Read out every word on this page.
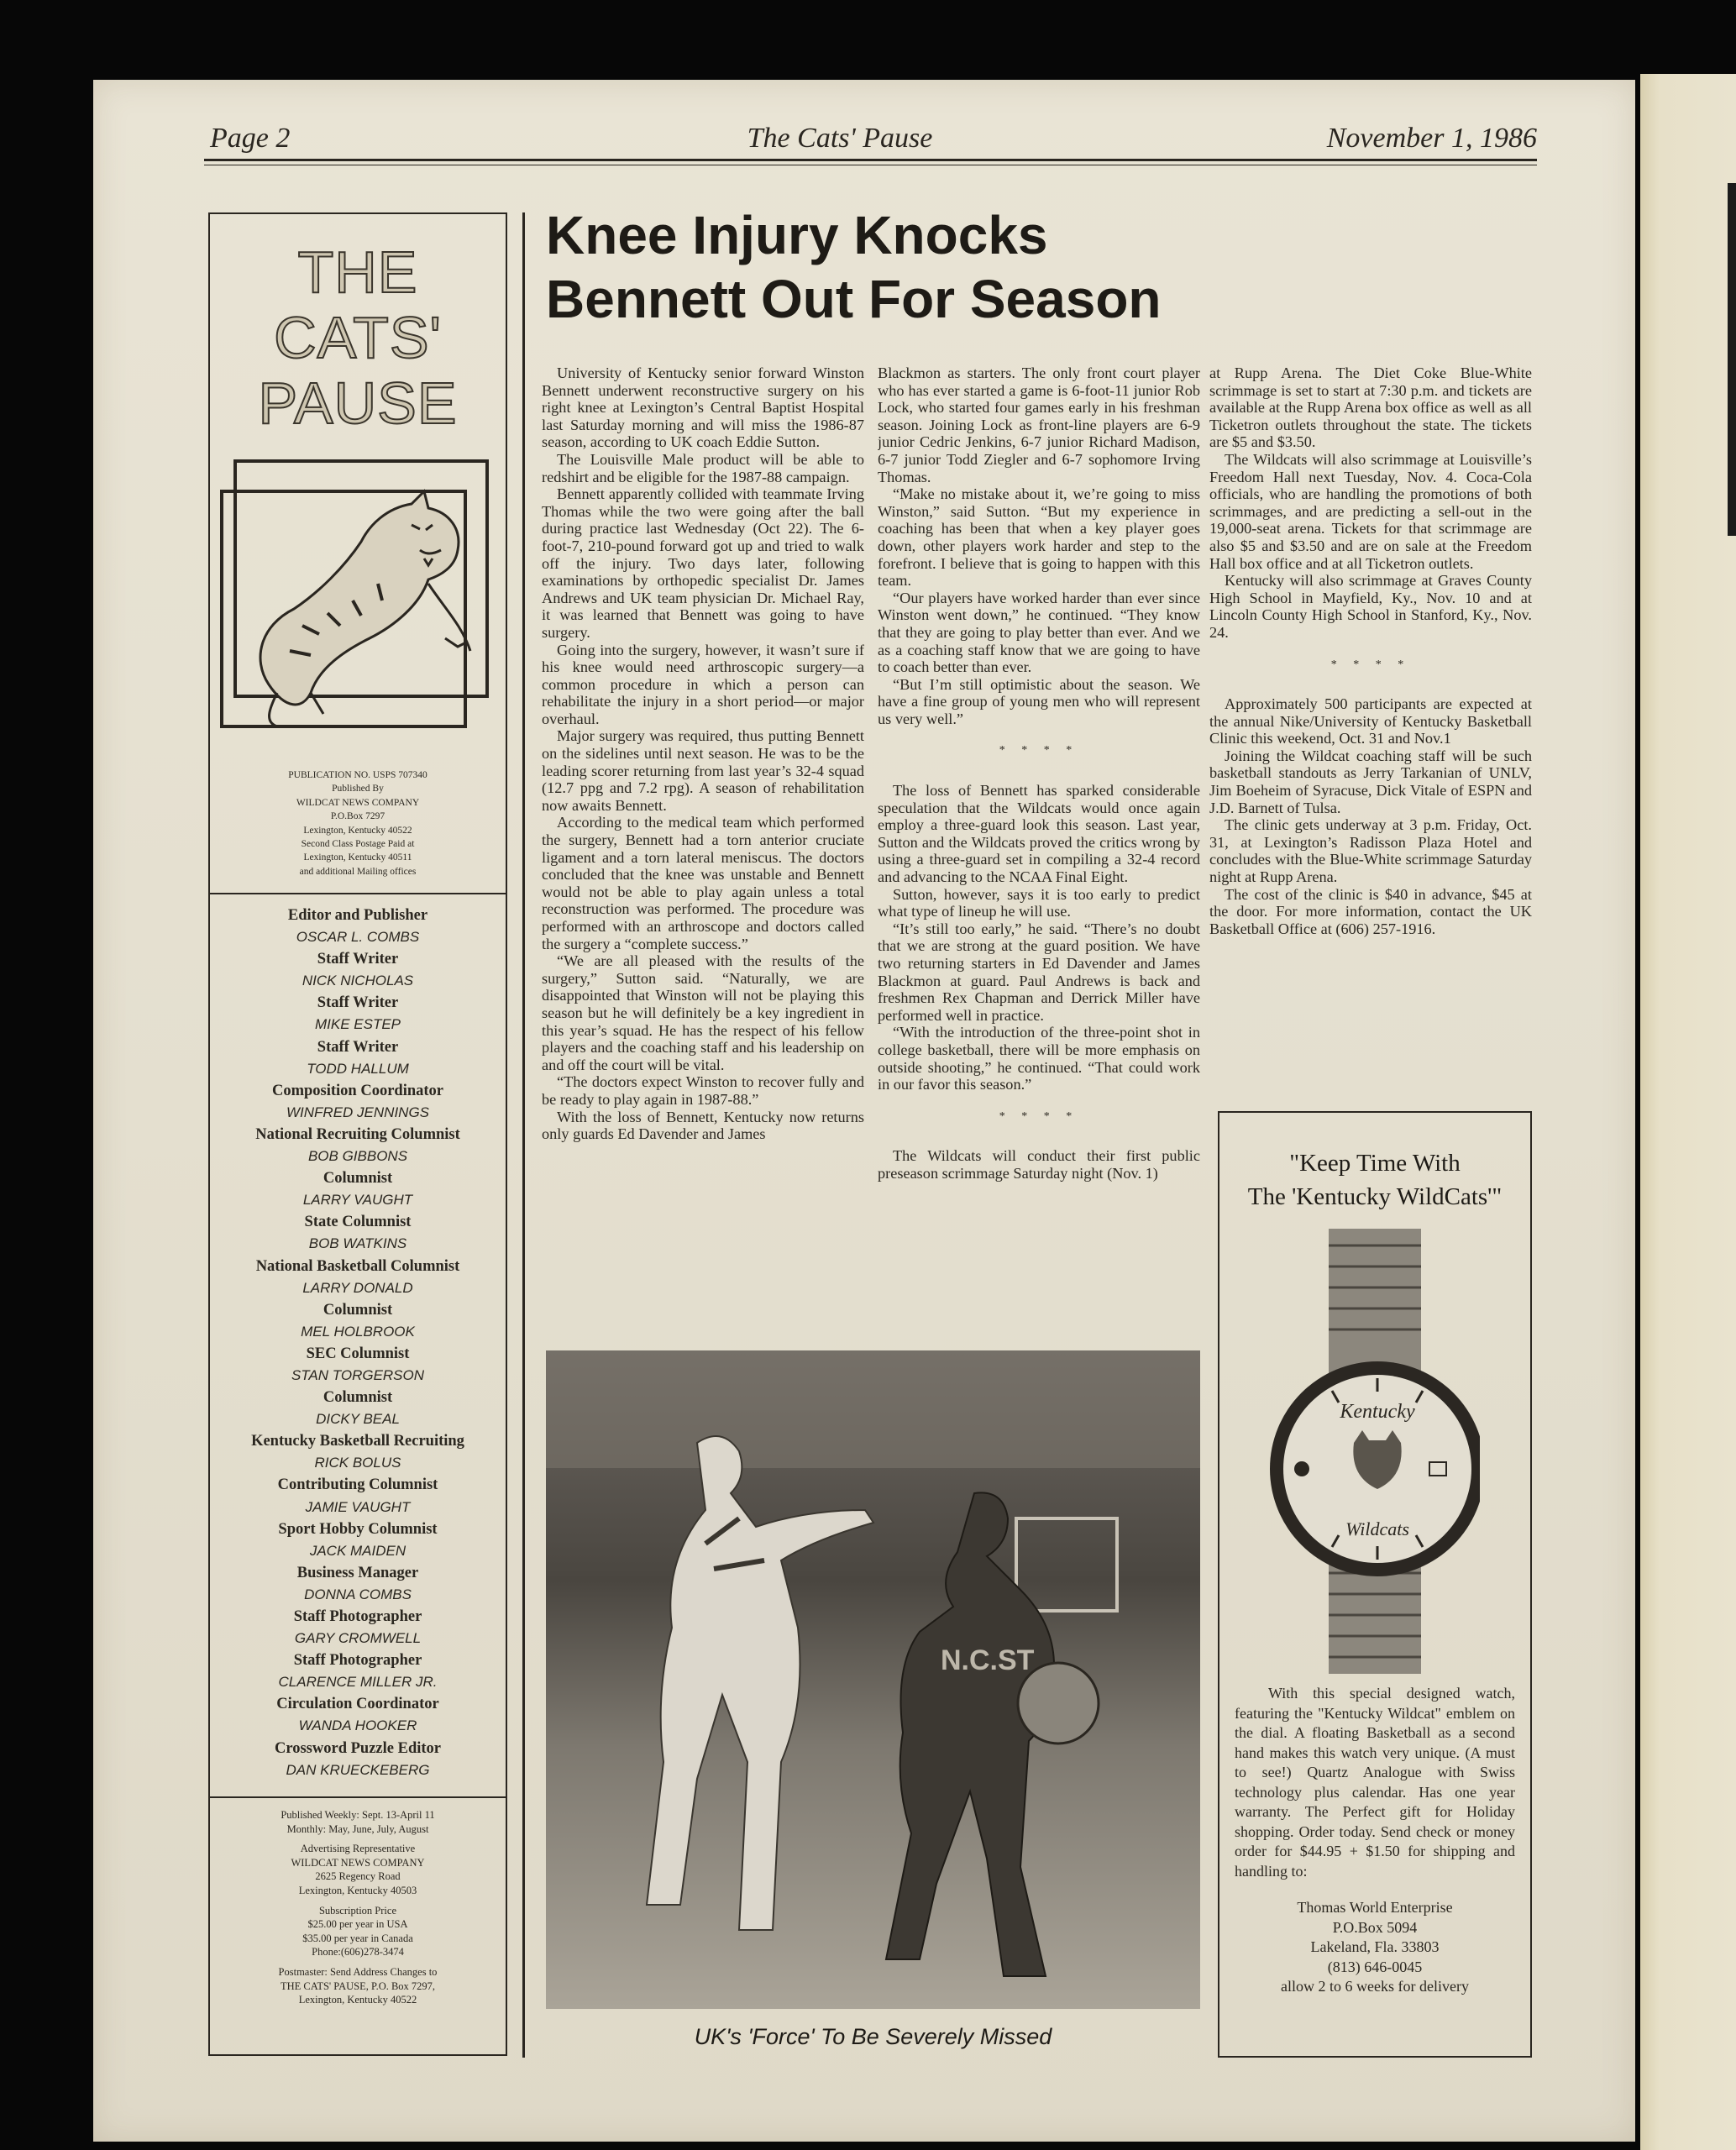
Page 2	The Cats' Pause	November 1, 1986
THE
CATS'
PAUSE
PUBLICATION NO. USPS 707340
Published By
WILDCAT NEWS COMPANY
P.O.Box 7297
Lexington, Kentucky 40522
Second Class Postage Paid at
Lexington, Kentucky 40511
and additional Mailing offices
Editor and Publisher
OSCAR L. COMBS
Staff Writer
NICK NICHOLAS
Staff Writer
MIKE ESTEP
Staff Writer
TODD HALLUM
Composition Coordinator
WINFRED JENNINGS
National Recruiting Columnist
BOB GIBBONS
Columnist
LARRY VAUGHT
State Columnist
BOB WATKINS
National Basketball Columnist
LARRY DONALD
Columnist
MEL HOLBROOK
SEC Columnist
STAN TORGERSON
Columnist
DICKY BEAL
Kentucky Basketball Recruiting
RICK BOLUS
Contributing Columnist
JAMIE VAUGHT
Sport Hobby Columnist
JACK MAIDEN
Business Manager
DONNA COMBS
Staff Photographer
GARY CROMWELL
Staff Photographer
CLARENCE MILLER JR.
Circulation Coordinator
WANDA HOOKER
Crossword Puzzle Editor
DAN KRUECKEBERG
Published Weekly: Sept. 13-April 11
Monthly: May, June, July, August
Advertising Representative
WILDCAT NEWS COMPANY
2625 Regency Road
Lexington, Kentucky 40503
Subscription Price
$25.00 per year in USA
$35.00 per year in Canada
Phone:(606)278-3474
Postmaster: Send Address Changes to
THE CATS' PAUSE, P.O. Box 7297,
Lexington, Kentucky 40522
Knee Injury Knocks
Bennett Out For Season

University of Kentucky senior forward Winston Bennett underwent reconstructive surgery on his right knee at Lexington’s Central Baptist Hospital last Saturday morning and will miss the 1986-87 season, according to UK coach Eddie Sutton.

The Louisville Male product will be able to redshirt and be eligible for the 1987-88 campaign.

Bennett apparently collided with teammate Irving Thomas while the two were going after the ball during practice last Wednesday (Oct 22). The 6-foot-7, 210-pound forward got up and tried to walk off the injury. Two days later, following examinations by orthopedic specialist Dr. James Andrews and UK team physician Dr. Michael Ray, it was learned that Bennett was going to have surgery.

Going into the surgery, however, it wasn’t sure if his knee would need arthroscopic surgery—a common procedure in which a person can rehabilitate the injury in a short period—or major overhaul.

Major surgery was required, thus putting Bennett on the sidelines until next season. He was to be the leading scorer returning from last year’s 32-4 squad (12.7 ppg and 7.2 rpg). A season of rehabilitation now awaits Bennett.

According to the medical team which performed the surgery, Bennett had a torn anterior cruciate ligament and a torn lateral meniscus. The doctors concluded that the knee was unstable and Bennett would not be able to play again unless a total reconstruction was performed. The procedure was performed with an arthroscope and doctors called the surgery a “complete success.”

“We are all pleased with the results of the surgery,” Sutton said. “Naturally, we are disappointed that Winston will not be playing this season but he will definitely be a key ingredient in this year’s squad. He has the respect of his fellow players and the coaching staff and his leadership on and off the court will be vital.

“The doctors expect Winston to recover fully and be ready to play again in 1987-88.”

With the loss of Bennett, Kentucky now returns only guards Ed Davender and James

Blackmon as starters. The only front court player who has ever started a game is 6-foot-11 junior Rob Lock, who started four games early in his freshman season. Joining Lock as front-line players are 6-9 junior Cedric Jenkins, 6-7 junior Richard Madison, 6-7 junior Todd Ziegler and 6-7 sophomore Irving Thomas.

“Make no mistake about it, we’re going to miss Winston,” said Sutton. “But my experience in coaching has been that when a key player goes down, other players work harder and step to the forefront. I believe that is going to happen with this team.

“Our players have worked harder than ever since Winston went down,” he continued. “They know that they are going to play better than ever. And we as a coaching staff know that we are going to have to coach better than ever.

“But I’m still optimistic about the season. We have a fine group of young men who will represent us very well.”

* * * *

The loss of Bennett has sparked considerable speculation that the Wildcats would once again employ a three-guard look this season. Last year, Sutton and the Wildcats proved the critics wrong by using a three-guard set in compiling a 32-4 record and advancing to the NCAA Final Eight.

Sutton, however, says it is too early to predict what type of lineup he will use.

“It’s still too early,” he said. “There’s no doubt that we are strong at the guard position. We have two returning starters in Ed Davender and James Blackmon at guard. Paul Andrews is back and freshmen Rex Chapman and Derrick Miller have performed well in practice.

“With the introduction of the three-point shot in college basketball, there will be more emphasis on outside shooting,” he continued. “That could work in our favor this season.”

* * * *

The Wildcats will conduct their first public preseason scrimmage Saturday night (Nov. 1)

at Rupp Arena. The Diet Coke Blue-White scrimmage is set to start at 7:30 p.m. and tickets are available at the Rupp Arena box office as well as all Ticketron outlets throughout the state. The tickets are $5 and $3.50.

The Wildcats will also scrimmage at Louisville’s Freedom Hall next Tuesday, Nov. 4. Coca-Cola officials, who are handling the promotions of both scrimmages, and are predicting a sell-out in the 19,000-seat arena. Tickets for that scrimmage are also $5 and $3.50 and are on sale at the Freedom Hall box office and at all Ticketron outlets.

Kentucky will also scrimmage at Graves County High School in Mayfield, Ky., Nov. 10 and at Lincoln County High School in Stanford, Ky., Nov. 24.

* * * *

Approximately 500 participants are expected at the annual Nike/University of Kentucky Basketball Clinic this weekend, Oct. 31 and Nov.1

Joining the Wildcat coaching staff will be such basketball standouts as Jerry Tarkanian of UNLV, Jim Boeheim of Syracuse, Dick Vitale of ESPN and J.D. Barnett of Tulsa.

The clinic gets underway at 3 p.m. Friday, Oct. 31, at Lexington’s Radisson Plaza Hotel and concludes with the Blue-White scrimmage Saturday night at Rupp Arena.

The cost of the clinic is $40 in advance, $45 at the door. For more information, contact the UK Basketball Office at (606) 257-1916.

N.C.ST
UK's 'Force' To Be Severely Missed
"Keep Time With
The 'Kentucky WildCats'"
Kentucky
Wildcats

With this special designed watch, featuring the "Kentucky Wildcat" emblem on the dial. A floating Basketball as a second hand makes this watch very unique. (A must to see!) Quartz Analogue with Swiss technology plus calendar. Has one year warranty. The Perfect gift for Holiday shopping. Order today. Send check or money order for $44.95 + $1.50 for shipping and handling to:

Thomas World Enterprise
P.O.Box 5094
Lakeland, Fla. 33803
(813) 646-0045
allow 2 to 6 weeks for delivery
